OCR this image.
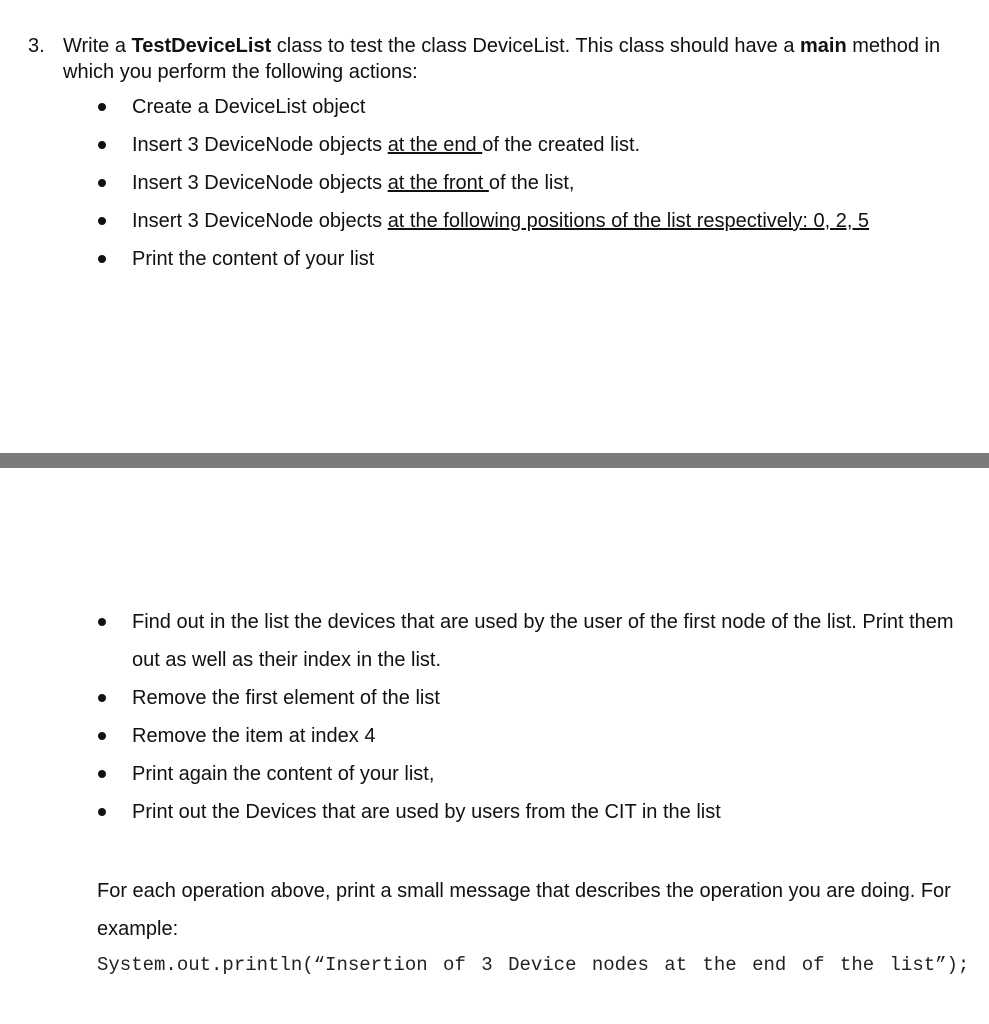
3. Write a TestDeviceList class to test the class DeviceList. This class should have a main method in which you perform the following actions:
Create a DeviceList object
Insert 3 DeviceNode objects at the end of the created list.
Insert 3 DeviceNode objects at the front of the list,
Insert 3 DeviceNode objects at the following positions of the list respectively: 0, 2, 5
Print the content of your list
Find out in the list the devices that are used by the user of the first node of the list. Print them out as well as their index in the list.
Remove the first element of the list
Remove the item at index 4
Print again the content of your list,
Print out the Devices that are used by users from the CIT in the list
For each operation above, print a small message that describes the operation you are doing. For example:
System.out.println(“Insertion of 3 Device nodes at the end of the list”);
